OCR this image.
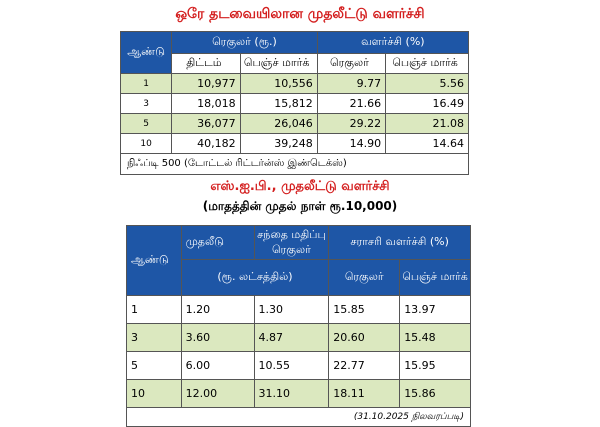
ஒரே தடவையிலான முதலீட்டு வளர்ச்சி
ஆண்டு	ரெகுலர் (ரூ.)		வளர்ச்சி (%)	
	திட்டம்	பெஞ்ச் மார்க்	ரெகுலர்	பெஞ்ச் மார்க்
1	10,977	10,556	9.77	5.56
3	18,018	15,812	21.66	16.49
5	36,077	26,046	29.22	21.08
10	40,182	39,248	14.90	14.64
நிஃப்டி 500 (டோட்டல் ரிட்டர்ன்ஸ் இண்டெக்ஸ்)				
எஸ்.ஐ.பி., முதலீட்டு வளர்ச்சி
(மாதத்தின் முதல் நாள் ரூ.10,000)
ஆண்டு	முதலீடு	சந்தை மதிப்பு ரெகுலர்	சராசரி வளர்ச்சி (%)	
	(ரூ. லட்சத்தில்)		ரெகுலர்	பெஞ்ச் மார்க்
1	1.20	1.30	15.85	13.97
3	3.60	4.87	20.60	15.48
5	6.00	10.55	22.77	15.95
10	12.00	31.10	18.11	15.86
(31.10.2025 நிலவரப்படி)				
